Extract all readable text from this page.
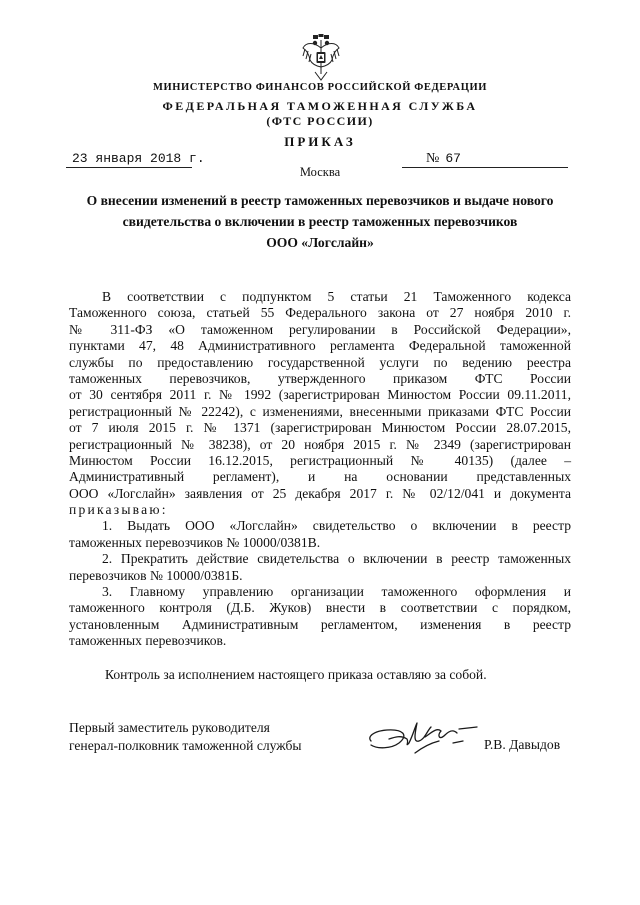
МИНИСТЕРСТВО ФИНАНСОВ РОССИЙСКОЙ ФЕДЕРАЦИИ
ФЕДЕРАЛЬНАЯ ТАМОЖЕННАЯ СЛУЖБА
(ФТС РОССИИ)
ПРИКАЗ
23 января 2018 г.	№ 67
Москва
О внесении изменений в реестр таможенных перевозчиков и выдаче нового
свидетельства о включении в реестр таможенных перевозчиков
ООО «Логслайн»
В соответствии с подпунктом 5 статьи 21 Таможенного кодекса
Таможенного союза, статьей 55 Федерального закона от 27 ноября 2010 г.
№ 311-ФЗ «О таможенном регулировании в Российской Федерации»,
пунктами 47, 48 Административного регламента Федеральной таможенной
службы по предоставлению государственной услуги по ведению реестра
таможенных перевозчиков, утвержденного приказом ФТС России
от 30 сентября 2011 г. № 1992 (зарегистрирован Минюстом России 09.11.2011,
регистрационный № 22242), с изменениями, внесенными приказами ФТС России
от 7 июля 2015 г. № 1371 (зарегистрирован Минюстом России 28.07.2015,
регистрационный № 38238), от 20 ноября 2015 г. № 2349 (зарегистрирован
Минюстом России 16.12.2015, регистрационный № 40135) (далее –
Административный регламент), и на основании представленных
ООО «Логслайн» заявления от 25 декабря 2017 г. № 02/12/041 и документа
приказываю:
1. Выдать ООО «Логслайн» свидетельство о включении в реестр
таможенных перевозчиков № 10000/0381В.
2. Прекратить действие свидетельства о включении в реестр таможенных
перевозчиков № 10000/0381Б.
3. Главному управлению организации таможенного оформления и
таможенного контроля (Д.Б. Жуков) внести в соответствии с порядком,
установленным Административным регламентом, изменения в реестр
таможенных перевозчиков.
Контроль за исполнением настоящего приказа оставляю за собой.
Первый заместитель руководителя
генерал-полковник таможенной службы	Р.В. Давыдов
